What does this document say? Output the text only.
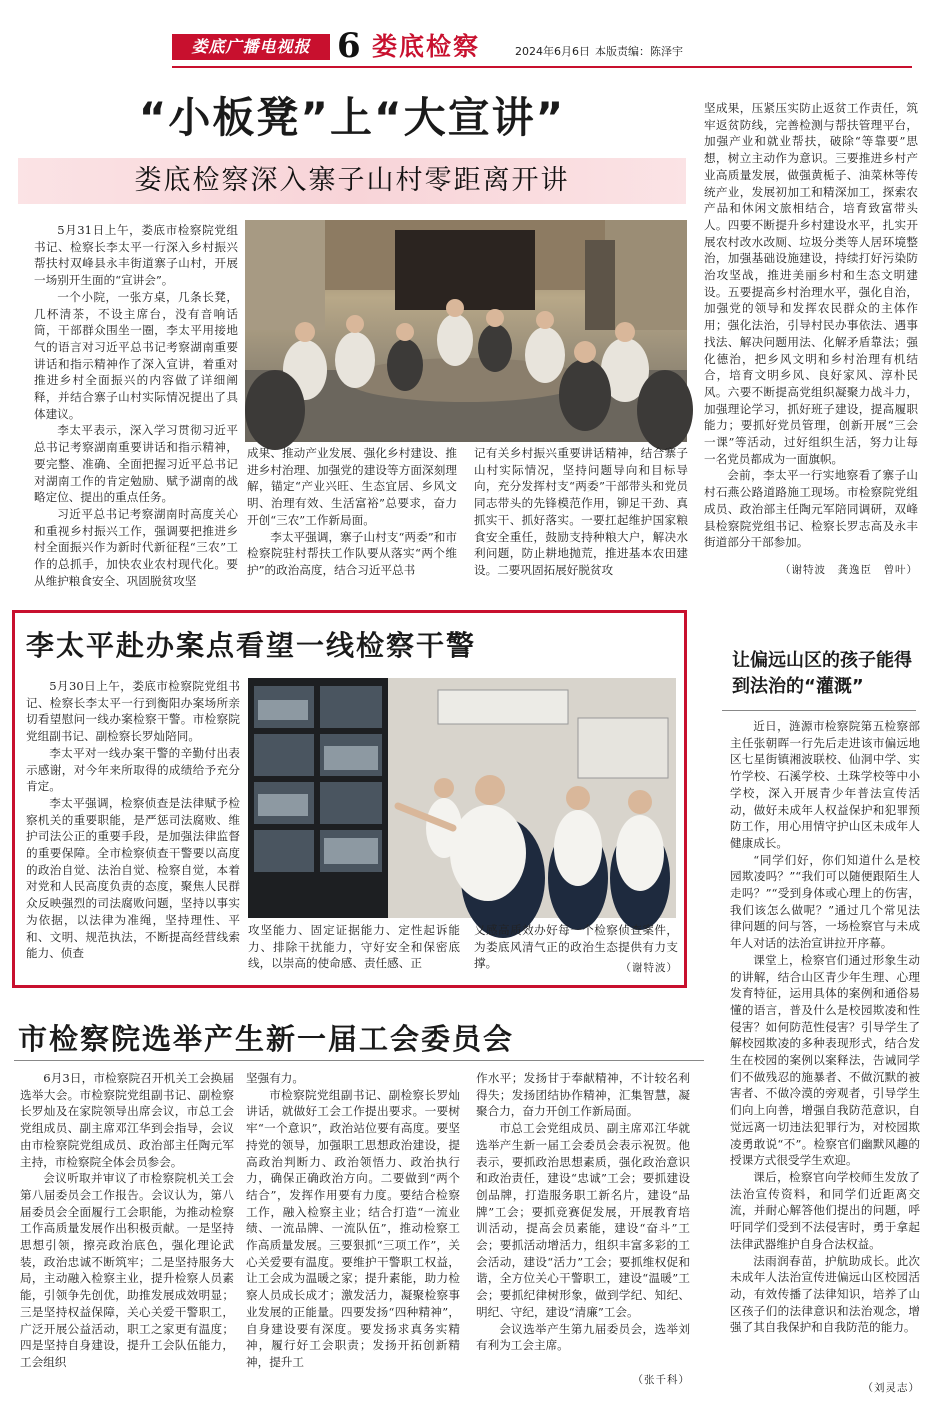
娄底广播电视报 6 娄底检察	2024年6月6日 本版责编：陈泽宇
“小板凳”上“大宣讲”
娄底检察深入寨子山村零距离开讲

5月31日上午，娄底市检察院党组书记、检察长李太平一行深入乡村振兴帮扶村双峰县永丰街道寨子山村，开展一场别开生面的“宣讲会”。

一个小院，一张方桌，几条长凳，几杯清茶，不设主席台，没有音响话筒，干部群众围坐一圈，李太平用接地气的语言对习近平总书记考察湖南重要讲话和指示精神作了深入宣讲，着重对推进乡村全面振兴的内容做了详细阐释，并结合寨子山村实际情况提出了具体建议。

李太平表示，深入学习贯彻习近平总书记考察湖南重要讲话和指示精神，要完整、准确、全面把握习近平总书记对湖南工作的肯定勉励、赋予湖南的战略定位、提出的重点任务。

习近平总书记考察湖南时高度关心和重视乡村振兴工作，强调要把推进乡村全面振兴作为新时代新征程“三农”工作的总抓手，加快农业农村现代化。要从维护粮食安全、巩固脱贫攻坚

成果、推动产业发展、强化乡村建设、推进乡村治理、加强党的建设等方面深刻理解，锚定“产业兴旺、生态宜居、乡风文明、治理有效、生活富裕”总要求，奋力开创“三农”工作新局面。

李太平强调，寨子山村支“两委”和市检察院驻村帮扶工作队要从落实“两个维护”的政治高度，结合习近平总书

记有关乡村振兴重要讲话精神，结合寨子山村实际情况，坚持问题导向和目标导向，充分发挥村支“两委”干部带头和党员同志带头的先锋模范作用，铆足干劲、真抓实干、抓好落实。一要扛起维护国家粮食安全重任，鼓励支持种粮大户，解决水利问题，防止耕地抛荒，推进基本农田建设。二要巩固拓展好脱贫攻

坚成果，压紧压实防止返贫工作责任，筑牢返贫防线，完善检测与帮扶管理平台，加强产业和就业帮扶，破除“等靠要”思想，树立主动作为意识。三要推进乡村产业高质量发展，做强黄栀子、油菜林等传统产业，发展初加工和精深加工，探索农产品和休闲文旅相结合，培育致富带头人。四要不断提升乡村建设水平，扎实开展农村改水改厕、垃圾分类等人居环境整治，加强基础设施建设，持续打好污染防治攻坚战，推进美丽乡村和生态文明建设。五要提高乡村治理水平，强化自治，加强党的领导和发挥农民群众的主体作用；强化法治，引导村民办事依法、遇事找法、解决问题用法、化解矛盾靠法；强化德治，把乡风文明和乡村治理有机结合，培育文明乡风、良好家风、淳朴民风。六要不断提高党组织凝聚力战斗力，加强理论学习，抓好班子建设，提高履职能力；要抓好党员管理，创新开展“三会一课”等活动，过好组织生活，努力让每一名党员都成为一面旗帜。

会前，李太平一行实地察看了寨子山村石燕公路道路施工现场。市检察院党组成员、政治部主任陶元军陪同调研，双峰县检察院党组书记、检察长罗志高及永丰街道部分干部参加。

（谢特波　龚逸臣　曾叶）
李太平赴办案点看望一线检察干警

5月30日上午，娄底市检察院党组书记、检察长李太平一行到衡阳办案场所亲切看望慰问一线办案检察干警。市检察院党组副书记、副检察长罗灿陪同。

李太平对一线办案干警的辛勤付出表示感谢，对今年来所取得的成绩给予充分肯定。

李太平强调，检察侦查是法律赋予检察机关的重要职能，是严惩司法腐败、维护司法公正的重要手段，是加强法律监督的重要保障。全市检察侦查干警要以高度的政治自觉、法治自觉、检察自觉，本着对党和人民高度负责的态度，聚焦人民群众反映强烈的司法腐败问题，坚持以事实为依据，以法律为准绳，坚持理性、平和、文明、规范执法，不断提高经营线索能力、侦查

攻坚能力、固定证据能力、定性起诉能力、排除干扰能力，守好安全和保密底线，以崇高的使命感、责任感、正

义感高质效办好每一个检察侦查案件，为娄底风清气正的政治生态提供有力支撑。	（谢特波）
让偏远山区的孩子能得到法治的“灌溉”

近日，涟源市检察院第五检察部主任张朝晖一行先后走进该市偏远地区七星街镇湘波联校、仙洞中学、实竹学校、石溪学校、土珠学校等中小学校，深入开展青少年普法宣传活动，做好未成年人权益保护和犯罪预防工作，用心用情守护山区未成年人健康成长。

“同学们好，你们知道什么是校园欺凌吗？”“我们可以随便跟陌生人走吗？”“受到身体或心理上的伤害，我们该怎么做呢？”通过几个常见法律问题的问与答，一场检察官与未成年人对话的法治宣讲拉开序幕。

课堂上，检察官们通过形象生动的讲解，结合山区青少年生理、心理发育特征，运用具体的案例和通俗易懂的语言，普及什么是校园欺凌和性侵害？如何防范性侵害？引导学生了解校园欺凌的多种表现形式，结合发生在校园的案例以案释法，告诫同学们不做残忍的施暴者、不做沉默的被害者、不做冷漠的旁观者，引导学生们向上向善，增强自我防范意识，自觉远离一切违法犯罪行为，对校园欺凌勇敢说“不”。检察官们幽默风趣的授课方式很受学生欢迎。

课后，检察官向学校师生发放了法治宣传资料，和同学们近距离交流，并耐心解答他们提出的问题，呼吁同学们受到不法侵害时，勇于拿起法律武器维护自身合法权益。

法雨润春苗，护航助成长。此次未成年人法治宣传进偏远山区校园活动，有效传播了法律知识，培养了山区孩子们的法律意识和法治观念，增强了其自我保护和自我防范的能力。

（刘灵志）
市检察院选举产生新一届工会委员会

6月3日，市检察院召开机关工会换届选举大会。市检察院党组副书记、副检察长罗灿及在家院领导出席会议，市总工会党组成员、副主席邓江华到会指导，会议由市检察院党组成员、政治部主任陶元军主持，市检察院全体会员参会。

会议听取并审议了市检察院机关工会第八届委员会工作报告。会议认为，第八届委员会全面履行工会职能，为推动检察工作高质量发展作出积极贡献。一是坚持思想引领，擦亮政治底色，强化理论武装，政治忠诚不断筑牢；二是坚持服务大局，主动融入检察主业，提升检察人员素能，引领争先创优，助推发展成效明显；三是坚持权益保障，关心关爱干警职工，广泛开展公益活动，职工之家更有温度；四是坚持自身建设，提升工会队伍能力，工会组织

坚强有力。

市检察院党组副书记、副检察长罗灿讲话，就做好工会工作提出要求。一要树牢“一个意识”，政治站位要有高度。要坚持党的领导，加强职工思想政治建设，提高政治判断力、政治领悟力、政治执行力，确保正确政治方向。二要做到“两个结合”，发挥作用要有力度。要结合检察工作，融入检察主业；结合打造“一流业绩、一流品牌、一流队伍”，推动检察工作高质量发展。三要狠抓“三项工作”，关心关爱要有温度。要维护干警职工权益，让工会成为温暖之家；提升素能，助力检察人员成长成才；激发活力，凝聚检察事业发展的正能量。四要发扬“四种精神”，自身建设要有深度。要发扬求真务实精神，履行好工会职责；发扬开拓创新精神，提升工

作水平；发扬甘于奉献精神，不计较名利得失；发扬团结协作精神，汇集智慧，凝聚合力，奋力开创工作新局面。

市总工会党组成员、副主席邓江华就选举产生新一届工会委员会表示祝贺。他表示，要抓政治思想素质，强化政治意识和政治责任，建设“忠诚”工会；要抓建设创品牌，打造服务职工新名片，建设“品牌”工会；要抓竞赛促发展，开展教育培训活动，提高会员素能，建设“奋斗”工会；要抓活动增活力，组织丰富多彩的工会活动，建设“活力”工会；要抓维权促和谐，全方位关心干警职工，建设“温暖”工会；要抓纪律树形象，做到学纪、知纪、明纪、守纪，建设“清廉”工会。

会议选举产生第九届委员会，选举刘有利为工会主席。

（张千科）
